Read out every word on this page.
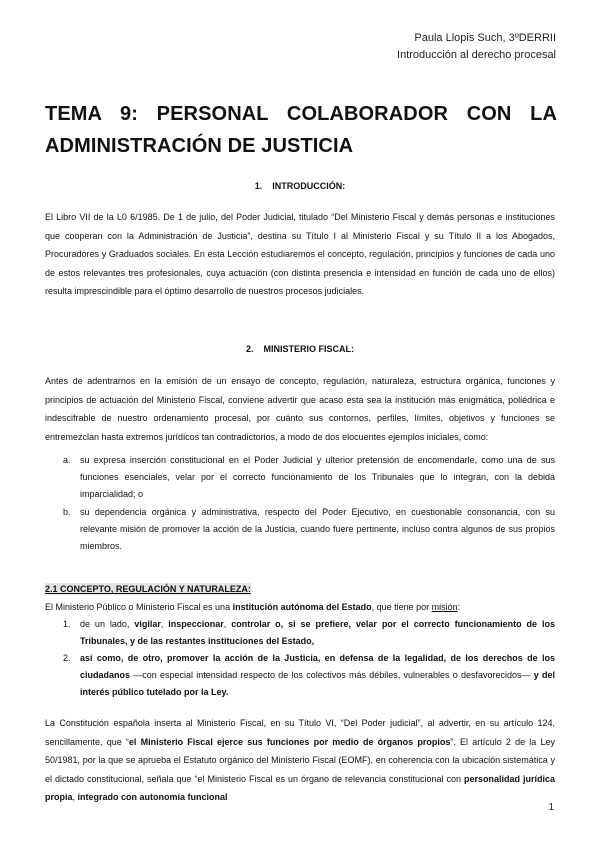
Paula Llopis Such, 3ºDERRII
Introducción al derecho procesal
TEMA 9: PERSONAL COLABORADOR CON LA ADMINISTRACIÓN DE JUSTICIA
1. INTRODUCCIÓN:
El Libro VII de la L0 6/1985. De 1 de julio, del Poder Judicial, titulado “Del Ministerio Fiscal y demás personas e instituciones que cooperan con la Administración de Justicia”, destina su Título I al Ministerio Fiscal y su Título II a los Abogados, Procuradores y Graduados sociales. En esta Lección estudiaremos el concepto, regulación, principios y funciones de cada uno de estos relevantes tres profesionales, cuya actuación (con distinta presencia e intensidad en función de cada uno de ellos) resulta imprescindible para el óptimo desarrollo de nuestros procesos judiciales.
2. MINISTERIO FISCAL:
Antes de adentrarnos en la emisión de un ensayo de concepto, regulación, naturaleza, estructura orgánica, funciones y principios de actuación del Ministerio Fiscal, conviene advertir que acaso esta sea la institución más enigmática, poliédrica e indescifrable de nuestro ordenamiento procesal, por cuánto sus contornos, perfiles, límites, objetivos y funciones se entremezclan hasta extremos jurídicos tan contradictorios, a modo de dos elocuentes ejemplos iniciales, como:
a. su expresa inserción constitucional en el Poder Judicial y ulterior pretensión de encomendarle, como una de sus funciones esenciales, velar por el correcto funcionamiento de los Tribunales que lo integran, con la debida imparcialidad; o
b. su dependencia orgánica y administrativa, respecto del Poder Ejecutivo, en cuestionable consonancia, con su relevante misión de promover la acción de la Justicia, cuando fuere pertinente, incluso contra algunos de sus propios miembros.
2.1 CONCEPTO, REGULACIÓN Y NATURALEZA:
El Ministerio Público o Ministerio Fiscal es una institución autónoma del Estado, que tiene por misión:
1. de un lado, vigilar, inspeccionar, controlar o, si se prefiere, velar por el correcto funcionamiento de los Tribunales, y de las restantes instituciones del Estado,
2. así como, de otro, promover la acción de la Justicia, en defensa de la legalidad, de los derechos de los ciudadanos —con especial intensidad respecto de los colectivos más débiles, vulnerables o desfavorecidos— y del interés público tutelado por la Ley.
La Constitución española inserta al Ministerio Fiscal, en su Título VI, “Del Poder judicial”, al advertir, en su artículo 124, sencillamente, que “el Ministerio Fiscal ejerce sus funciones por medio de órganos propios”. El artículo 2 de la Ley 50/1981, por la que se aprueba el Estatuto orgánico del Ministerio Fiscal (EOMF), en coherencia con la ubicación sistemática y el dictado constitucional, señala que “el Ministerio Fiscal es un órgano de relevancia constitucional con personalidad jurídica propia, integrado con autonomía funcional
1
